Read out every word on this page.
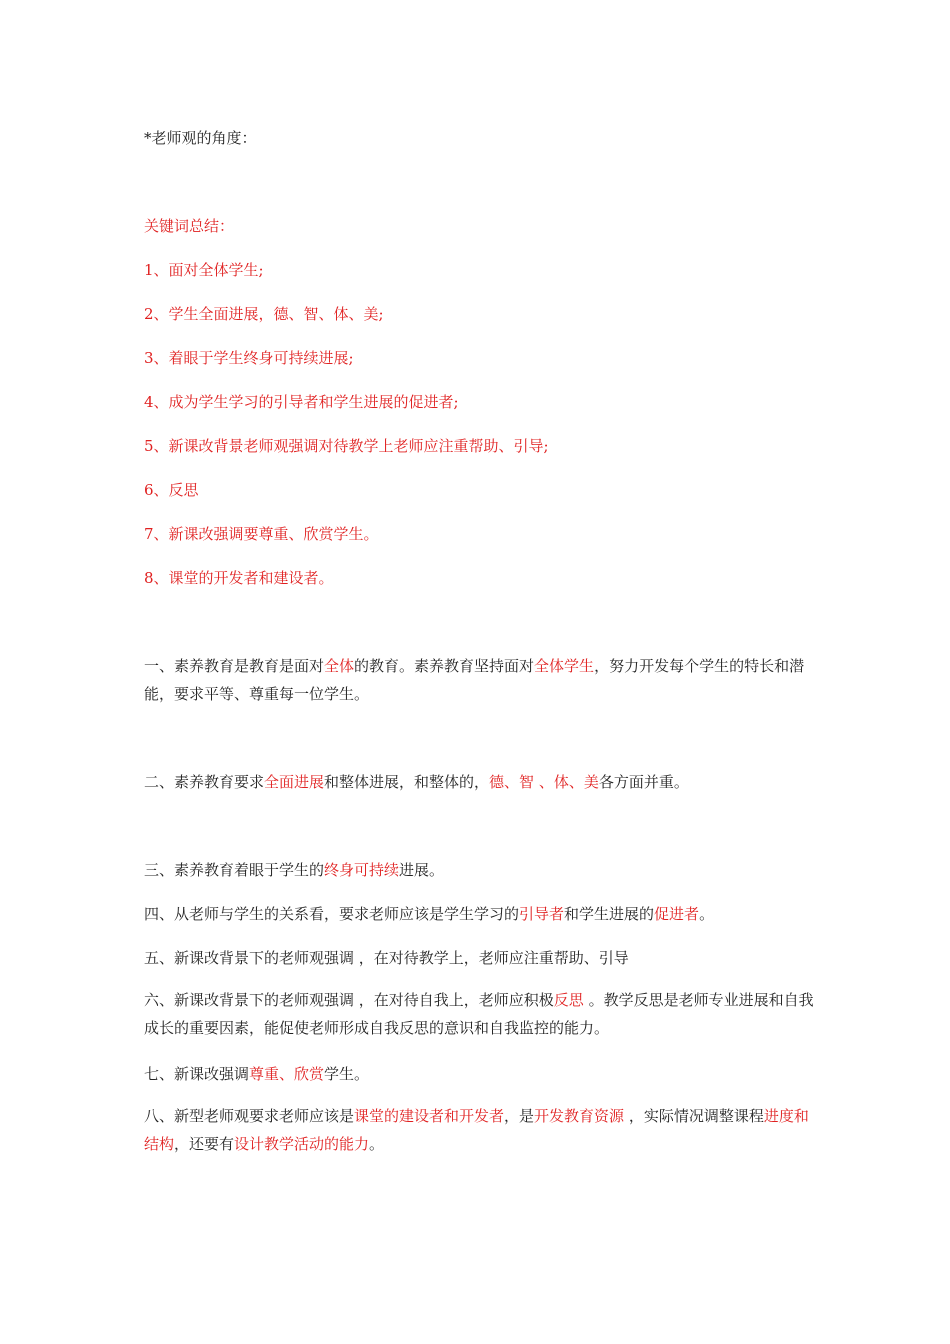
*老师观的角度：
关键词总结：
1、面对全体学生;
2、学生全面进展，德、智、体、美;
3、着眼于学生终身可持续进展;
4、成为学生学习的引导者和学生进展的促进者;
5、新课改背景老师观强调对待教学上老师应注重帮助、引导;
6、反思
7、新课改强调要尊重、欣赏学生。
8、课堂的开发者和建设者。
一、素养教育是教育是面对全体的教育。素养教育坚持面对全体学生，努力开发每个学生的特长和潜能，要求平等、尊重每一位学生。
二、素养教育要求全面进展和整体进展，和整体的，德、智 、体、美各方面并重。
三、素养教育着眼于学生的终身可持续进展。
四、从老师与学生的关系看，要求老师应该是学生学习的引导者和学生进展的促进者。
五、新课改背景下的老师观强调 ，在对待教学上，老师应注重帮助、引导
六、新课改背景下的老师观强调 ，在对待自我上，老师应积极反思 。教学反思是老师专业进展和自我成长的重要因素，能促使老师形成自我反思的意识和自我监控的能力。
七、新课改强调尊重、欣赏学生。
八、新型老师观要求老师应该是课堂的建设者和开发者，是开发教育资源 ，实际情况调整课程进度和结构，还要有设计教学活动的能力。
